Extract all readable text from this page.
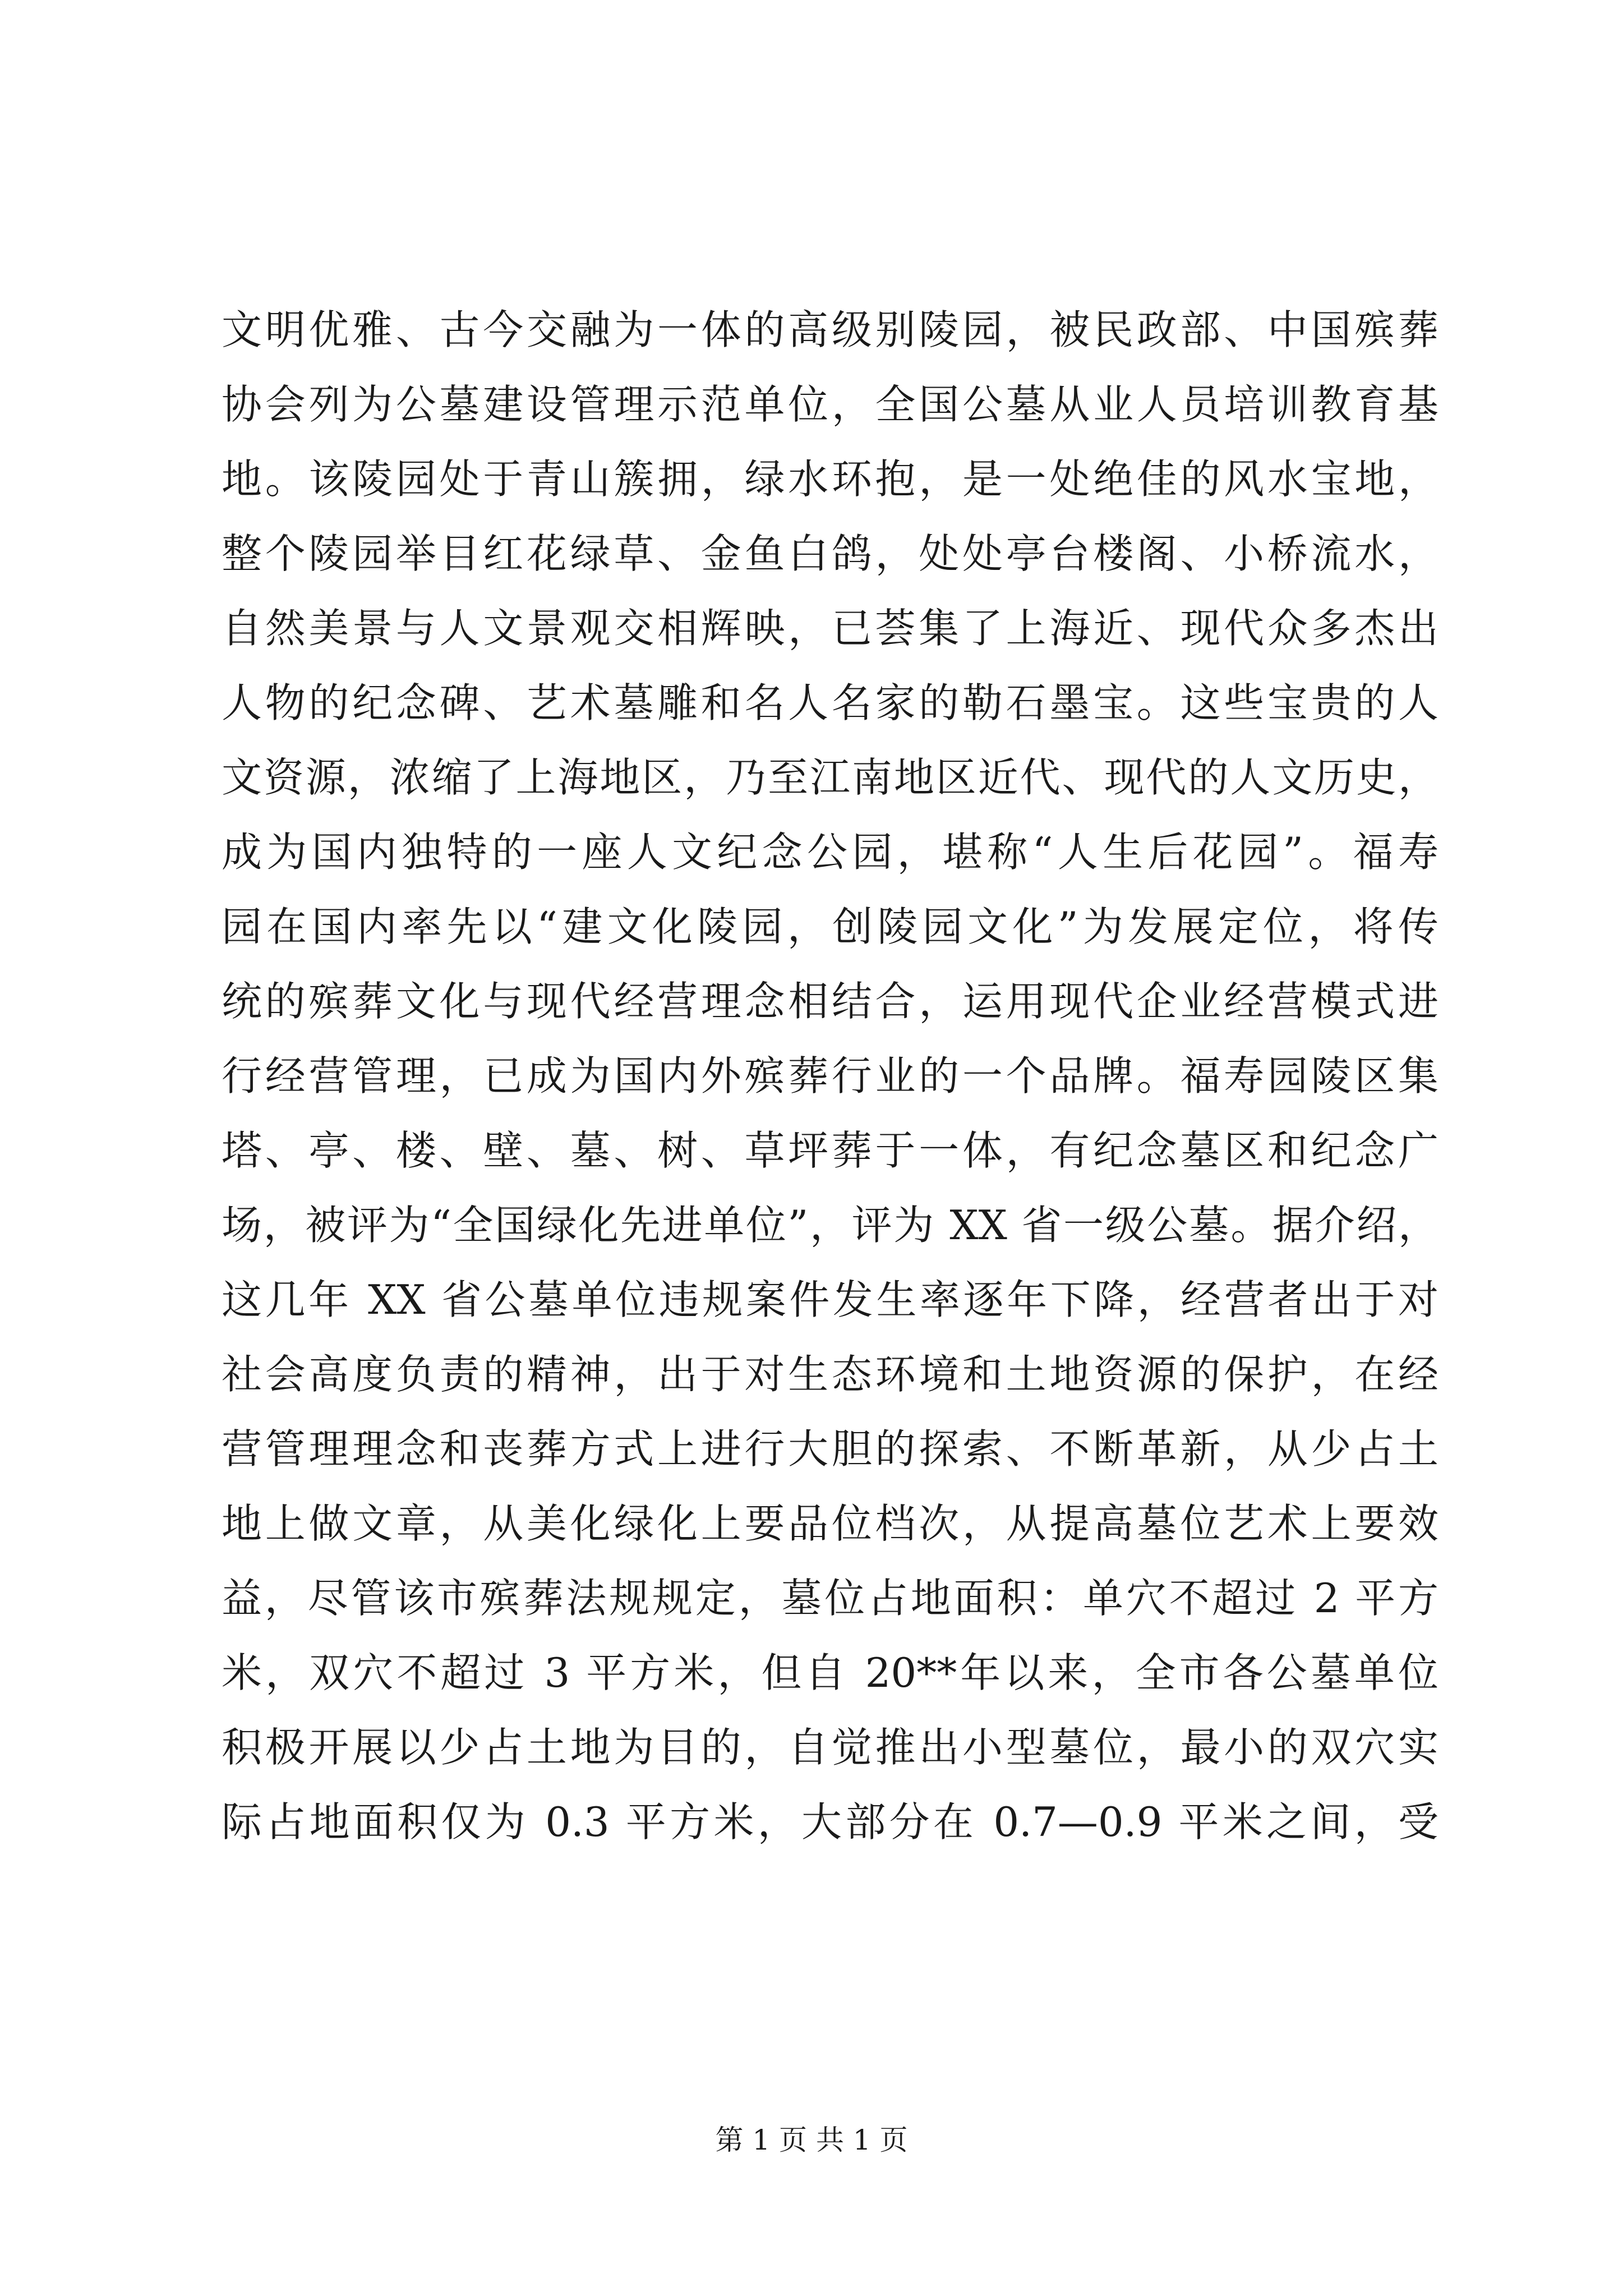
文明优雅、古今交融为一体的高级别陵园，被民政部、中国殡葬
协会列为公墓建设管理示范单位，全国公墓从业人员培训教育基
地。该陵园处于青山簇拥，绿水环抱，是一处绝佳的风水宝地，
整个陵园举目红花绿草、金鱼白鸽，处处亭台楼阁、小桥流水，
自然美景与人文景观交相辉映，已荟集了上海近、现代众多杰出
人物的纪念碑、艺术墓雕和名人名家的勒石墨宝。这些宝贵的人
文资源，浓缩了上海地区，乃至江南地区近代、现代的人文历史，
成为国内独特的一座人文纪念公园，堪称“人生后花园”。福寿
园在国内率先以“建文化陵园，创陵园文化”为发展定位，将传
统的殡葬文化与现代经营理念相结合，运用现代企业经营模式进
行经营管理，已成为国内外殡葬行业的一个品牌。福寿园陵区集
塔、亭、楼、壁、墓、树、草坪葬于一体，有纪念墓区和纪念广
场，被评为“全国绿化先进单位”，评为 XX 省一级公墓。据介绍，
这几年 XX 省公墓单位违规案件发生率逐年下降，经营者出于对
社会高度负责的精神，出于对生态环境和土地资源的保护，在经
营管理理念和丧葬方式上进行大胆的探索、不断革新，从少占土
地上做文章，从美化绿化上要品位档次，从提高墓位艺术上要效
益，尽管该市殡葬法规规定，墓位占地面积：单穴不超过 2 平方
米，双穴不超过 3 平方米，但自 20**年以来，全市各公墓单位
积极开展以少占土地为目的，自觉推出小型墓位，最小的双穴实
际占地面积仅为 0.3 平方米，大部分在 0.7—0.9 平米之间，受
第 1 页 共 1 页
